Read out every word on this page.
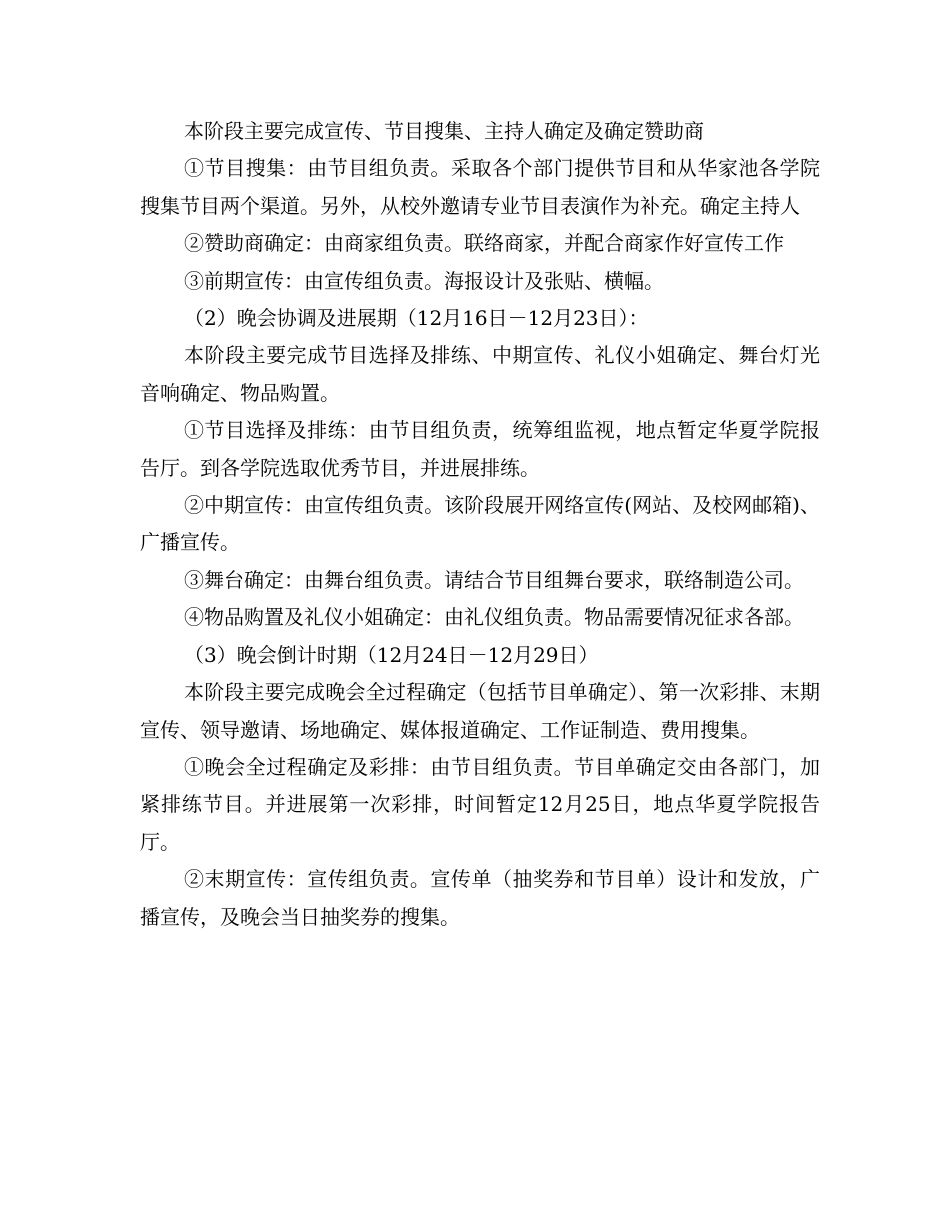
本阶段主要完成宣传、节目搜集、主持人确定及确定赞助商

①节目搜集：由节目组负责。采取各个部门提供节目和从华家池各学院搜集节目两个渠道。另外，从校外邀请专业节目表演作为补充。确定主持人

②赞助商确定：由商家组负责。联络商家，并配合商家作好宣传工作

③前期宣传：由宣传组负责。海报设计及张贴、横幅。

（2）晚会协调及进展期（12月16日－12月23日）：

本阶段主要完成节目选择及排练、中期宣传、礼仪小姐确定、舞台灯光音响确定、物品购置。

①节目选择及排练：由节目组负责，统筹组监视，地点暂定华夏学院报告厅。到各学院选取优秀节目，并进展排练。

②中期宣传：由宣传组负责。该阶段展开网络宣传(网站、及校网邮箱)、广播宣传。

③舞台确定：由舞台组负责。请结合节目组舞台要求，联络制造公司。

④物品购置及礼仪小姐确定：由礼仪组负责。物品需要情况征求各部。

（3）晚会倒计时期（12月24日－12月29日）

本阶段主要完成晚会全过程确定（包括节目单确定）、第一次彩排、末期宣传、领导邀请、场地确定、媒体报道确定、工作证制造、费用搜集。

①晚会全过程确定及彩排：由节目组负责。节目单确定交由各部门，加紧排练节目。并进展第一次彩排，时间暂定12月25日，地点华夏学院报告厅。

②末期宣传：宣传组负责。宣传单（抽奖券和节目单）设计和发放，广播宣传，及晚会当日抽奖券的搜集。
